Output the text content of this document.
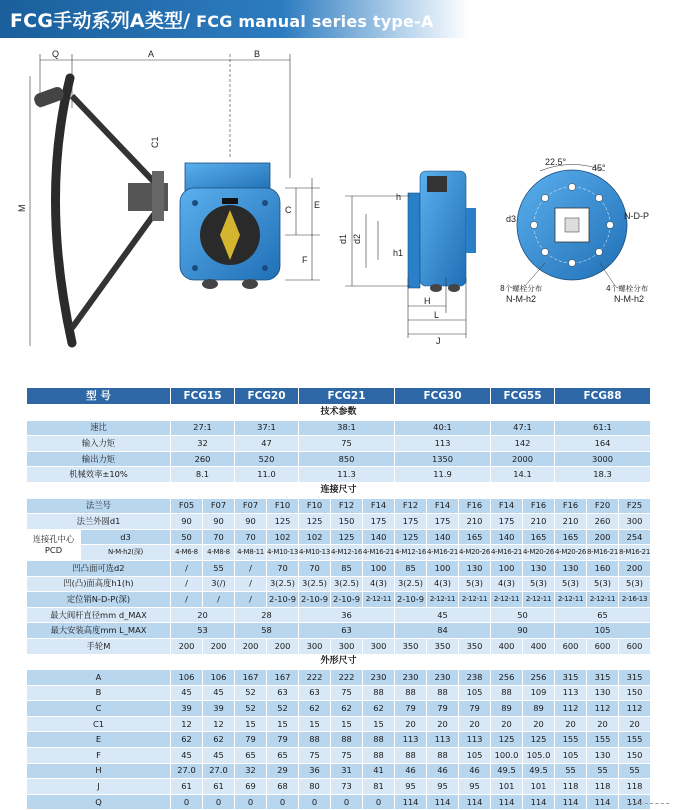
FCG手动系列A类型/ FCG manual series type-A
Q	A	B
M
C1
C	E
F
d1 d2
h
h1
H
L
J
22.5°
45°
d3	N-D-P
8个螺栓分布
N-M-h2
4个螺栓分布
N-M-h2
型 号		FCG15		FCG20		FCG21			FCG30			FCG55		FCG88		
技术参数																
速比		27:1		37:1		38:1			40:1			47:1		61:1		
输入力矩		32		47		75			113			142		164		
输出力矩		260		520		850			1350			2000		3000		
机械效率±10%		8.1		11.0		11.3			11.9			14.1		18.3		
连接尺寸																
法兰号		F05	F07	F07	F10	F10	F12	F14	F12	F14	F16	F14	F16	F16	F20	F25
法兰外圆d1		90	90	90	125	125	150	175	175	175	210	175	210	210	260	300
连接孔中心PCD	d3	50	70	70	102	102	125	140	125	140	165	140	165	165	200	254
	N-M-h2(深)	4-M6-8	4-M8-8	4-M8-11	4-M10-13	4-M10-13	4-M12-16	4-M16-21	4-M12-16	4-M16-21	4-M20-26	4-M16-21	4-M20-26	4-M20-26	8-M16-21	8-M16-21
凹凸面可选d2		/	55	/	70	70	85	100	85	100	130	100	130	130	160	200
凹(凸)面高度h1(h)		/	3(/)	/	3(2.5)	3(2.5)	3(2.5)	4(3)	3(2.5)	4(3)	5(3)	4(3)	5(3)	5(3)	5(3)	5(3)
定位销N-D-P(深)		/	/	/	2-10-9	2-10-9	2-10-9	2-12-11	2-10-9	2-12-11	2-12-11	2-12-11	2-12-11	2-12-11	2-12-11	2-16-13
最大阀杆直径mm d_MAX		20		28		36			45			50		65		
最大安装高度mm L_MAX		53		58		63			84			90		105		
手轮M		200	200	200	200	300	300	300	350	350	350	400	400	600	600	600
外形尺寸																
A		106	106	167	167	222	222	230	230	230	238	256	256	315	315	315
B		45	45	52	63	63	75	88	88	88	105	88	109	113	130	150
C		39	39	52	52	62	62	62	79	79	79	89	89	112	112	112
C1		12	12	15	15	15	15	15	20	20	20	20	20	20	20	20
E		62	62	79	79	88	88	88	113	113	113	125	125	155	155	155
F		45	45	65	65	75	75	88	88	88	105	100.0	105.0	105	130	150
H		27.0	27.0	32	29	36	31	41	46	46	46	49.5	49.5	55	55	55
J		61	61	69	68	80	73	81	95	95	95	101	101	118	118	118
Q		0	0	0	0	0	0	0	114	114	114	114	114	114	114	114
